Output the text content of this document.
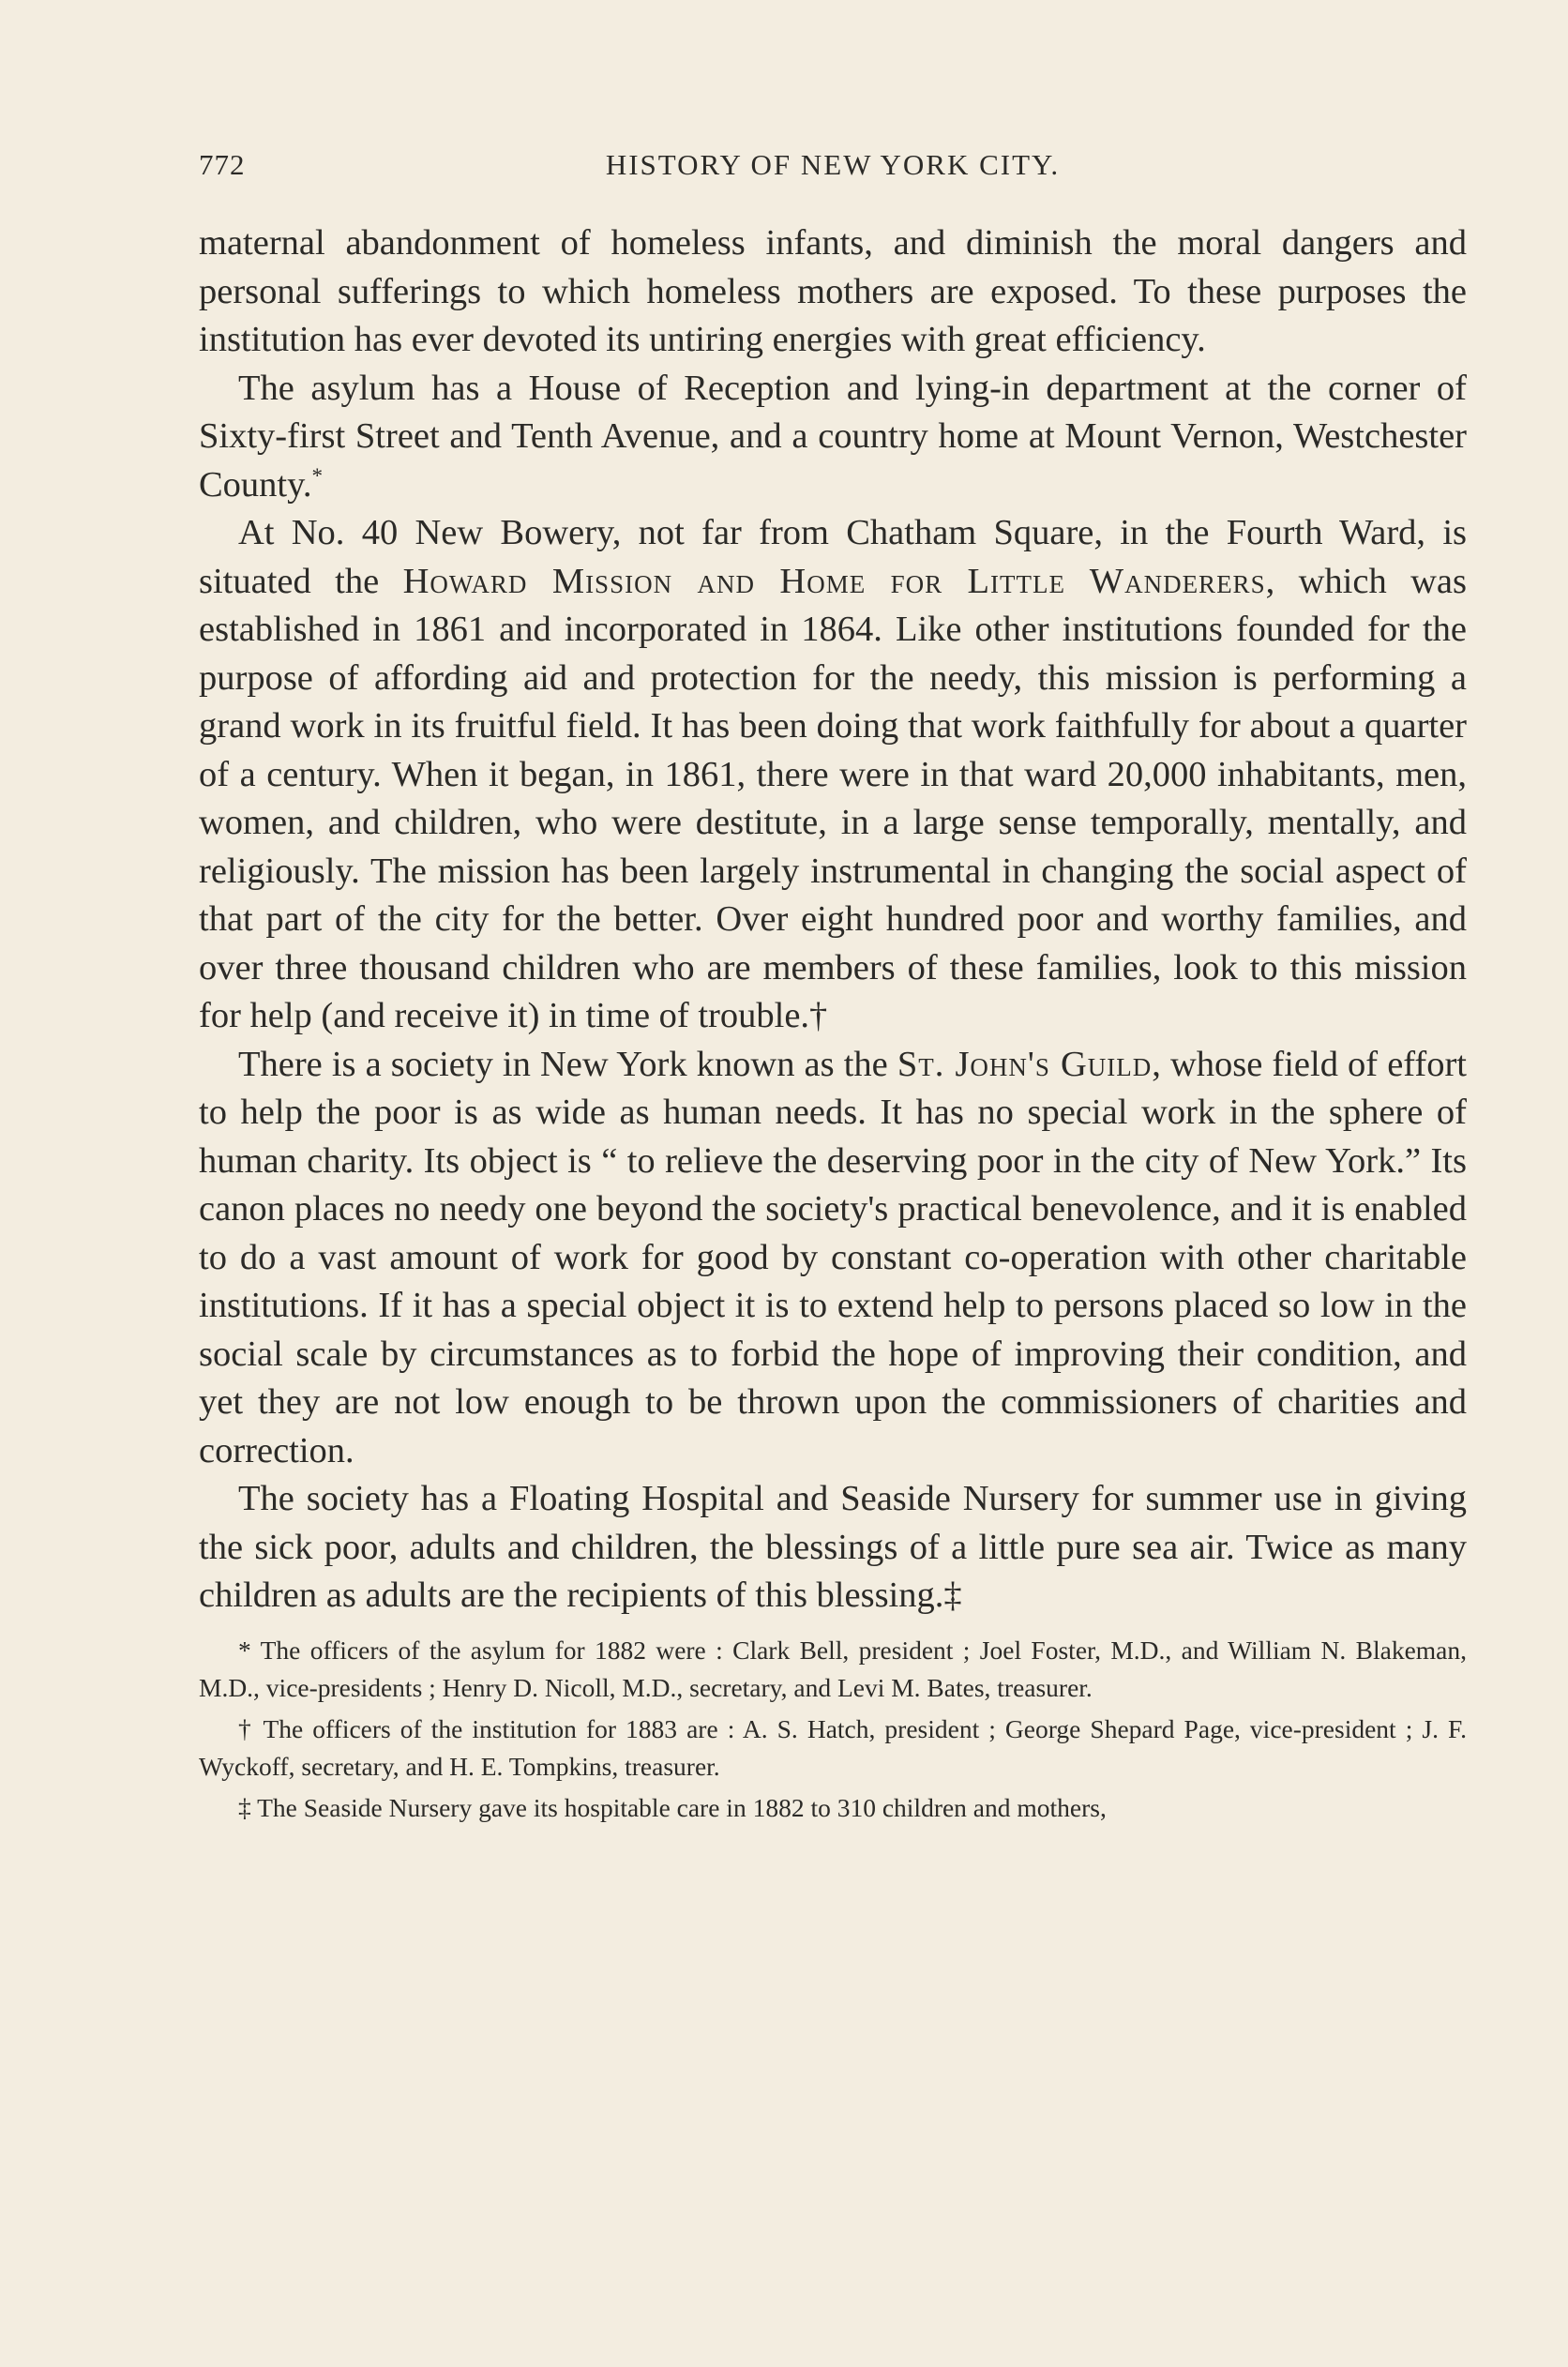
772	HISTORY OF NEW YORK CITY.

maternal abandonment of homeless infants, and diminish the moral dangers and personal sufferings to which homeless mothers are exposed. To these purposes the institution has ever devoted its untiring energies with great efficiency.

The asylum has a House of Reception and lying-in department at the corner of Sixty-first Street and Tenth Avenue, and a country home at Mount Vernon, Westchester County.*

At No. 40 New Bowery, not far from Chatham Square, in the Fourth Ward, is situated the Howard Mission and Home for Little Wanderers, which was established in 1861 and incorporated in 1864. Like other institutions founded for the purpose of affording aid and protection for the needy, this mission is performing a grand work in its fruitful field. It has been doing that work faithfully for about a quarter of a century. When it began, in 1861, there were in that ward 20,000 inhabitants, men, women, and children, who were destitute, in a large sense temporally, mentally, and religiously. The mission has been largely instrumental in changing the social aspect of that part of the city for the better. Over eight hundred poor and worthy families, and over three thousand children who are members of these families, look to this mission for help (and receive it) in time of trouble.†

There is a society in New York known as the St. John's Guild, whose field of effort to help the poor is as wide as human needs. It has no special work in the sphere of human charity. Its object is “ to relieve the deserving poor in the city of New York.” Its canon places no needy one beyond the society's practical benevolence, and it is enabled to do a vast amount of work for good by constant co-operation with other charitable institutions. If it has a special object it is to extend help to persons placed so low in the social scale by circumstances as to forbid the hope of improving their condition, and yet they are not low enough to be thrown upon the commissioners of charities and correction.

The society has a Floating Hospital and Seaside Nursery for summer use in giving the sick poor, adults and children, the blessings of a little pure sea air. Twice as many children as adults are the recipients of this blessing.‡

* The officers of the asylum for 1882 were : Clark Bell, president ; Joel Foster, M.D., and William N. Blakeman, M.D., vice-presidents ; Henry D. Nicoll, M.D., secretary, and Levi M. Bates, treasurer.

† The officers of the institution for 1883 are : A. S. Hatch, president ; George Shepard Page, vice-president ; J. F. Wyckoff, secretary, and H. E. Tompkins, treasurer.

‡ The Seaside Nursery gave its hospitable care in 1882 to 310 children and mothers,
